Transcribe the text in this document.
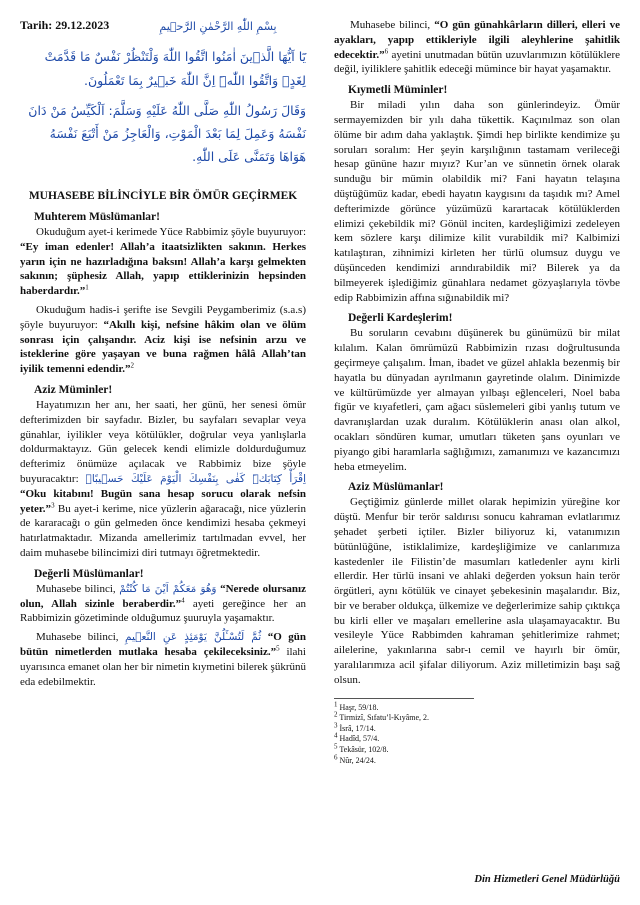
Tarih: 29.12.2023	بِسْمِ اللّٰهِ الرَّحْمٰنِ الرَّح۪يمِ
يَٓا اَيُّهَا الَّذ۪ينَ اٰمَنُوا اتَّقُوا اللّٰهَ وَلْتَنْظُرْ نَفْسٌ مَا قَدَّمَتْ لِغَدٍۚ وَاتَّقُوا اللّٰهَۜ اِنَّ اللّٰهَ خَب۪يرٌ بِمَا تَعْمَلُونَ.
وَقَالَ رَسُولُ اللّٰهِ صَلَّى اللّٰهُ عَلَيْهِ وَسَلَّمَ: اَلْكَيِّسُ مَنْ دَانَ نَفْسَهُ وَعَمِلَ لِمَا بَعْدَ الْمَوْتِ، وَالْعَاجِزُ مَنْ أَتْبَعَ نَفْسَهُ هَوَاهَا وَتَمَنَّى عَلَى اللّٰهِ.
MUHASEBE BİLİNCİYLE BİR ÖMÜR GEÇİRMEK
Muhterem Müslümanlar!

Okuduğum ayet-i kerimede Yüce Rabbimiz şöyle buyuruyor: “Ey iman edenler! Allah’a itaatsizlikten sakının. Herkes yarın için ne hazırladığına baksın! Allah’a karşı gelmekten sakının; şüphesiz Allah, yapıp ettiklerinizin hepsinden haberdardır.”$^1$

Okuduğum hadis-i şerifte ise Sevgili Peygamberimiz (s.a.s) şöyle buyuruyor: “Akıllı kişi, nefsine hâkim olan ve ölüm sonrası için çalışandır. Aciz kişi ise nefsinin arzu ve isteklerine göre yaşayan ve buna rağmen hâlâ Allah’tan iyilik temenni edendir.”$^2$

Aziz Müminler!

Hayatımızın her anı, her saati, her günü, her senesi ömür defterimizden bir sayfadır. Bizler, bu sayfaları sevaplar veya günahlar, iyilikler veya kötülükler, doğrular veya yanlışlarla doldurmaktayız. Gün gelecek kendi elimizle doldurduğumuz defterimiz önümüze açılacak ve Rabbimiz bize şöyle buyuracaktır: اِقْرَأْ كِتَابَكَۜ كَفٰى بِنَفْسِكَ الْيَوْمَ عَلَيْكَ حَس۪يبًاۜ “Oku kitabını! Bugün sana hesap sorucu olarak nefsin yeter.”$^3$ Bu ayet-i kerime, nice yüzlerin ağaracağı, nice yüzlerin de kararacağı o gün gelmeden önce kendimizi hesaba çekmeyi hatırlatmaktadır. Mizanda amellerimiz tartılmadan evvel, her daim muhasebe bilincimizi diri tutmayı öğretmektedir.

Değerli Müslümanlar!

Muhasebe bilinci, وَهُوَ مَعَكُمْ اَيْنَ مَا كُنْتُمْ “Nerede olursanız olun, Allah sizinle beraberdir.”$^4$ ayeti gereğince her an Rabbimizin gözetiminde olduğumuz şuuruyla yaşamaktır.

Muhasebe bilinci, ثُمَّ لَتُسْـَٔلُنَّ يَوْمَئِذٍ عَنِ النَّع۪يمِ “O gün bütün nimetlerden mutlaka hesaba çekileceksiniz.”$^5$ ilahi uyarısınca emanet olan her bir nimetin kıymetini bilerek şükrünü eda edebilmektir.

Muhasebe bilinci, “O gün günahkârların dilleri, elleri ve ayakları, yapıp ettikleriyle ilgili aleyhlerine şahitlik edecektir.”$^6$ ayetini unutmadan bütün uzuvlarımızın kötülüklere değil, iyiliklere şahitlik edeceği mümince bir hayat yaşamaktır.

Kıymetli Müminler!

Bir miladi yılın daha son günlerindeyiz. Ömür sermayemizden bir yılı daha tükettik. Kaçınılmaz son olan ölüme bir adım daha yaklaştık. Şimdi hep birlikte kendimize şu soruları soralım: Her şeyin karşılığının tastamam verileceği hesap gününe hazır mıyız? Kur’an ve sünnetin örnek olarak sunduğu bir mümin olabildik mi? Fani hayatın telaşına düştüğümüz kadar, ebedi hayatın kaygısını da taşıdık mı? Amel defterimizde görünce yüzümüzü karartacak kötülüklerden elimizi çekebildik mi? Gönül inciten, kardeşliğimizi zedeleyen kem sözlere karşı dilimize kilit vurabildik mi? Kalbimizi katılaştıran, zihnimizi kirleten her türlü olumsuz duygu ve düşünceden kendimizi arındırabildik mi? Bilerek ya da bilmeyerek işlediğimiz günahlara nedamet gözyaşlarıyla tövbe edip Rabbimizin affına sığınabildik mi?

Değerli Kardeşlerim!

Bu soruların cevabını düşünerek bu günümüzü bir milat kılalım. Kalan ömrümüzü Rabbimizin rızası doğrultusunda geçirmeye çalışalım. İman, ibadet ve güzel ahlakla bezenmiş bir hayatla bu dünyadan ayrılmanın gayretinde olalım. Dinimizde ve kültürümüzde yer almayan yılbaşı eğlenceleri, Noel baba figür ve kıyafetleri, çam ağacı süslemeleri gibi yanlış tutum ve davranışlardan uzak duralım. Kötülüklerin anası olan alkol, ocakları söndüren kumar, umutları tüketen şans oyunları ve piyango gibi haramlarla sağlığımızı, zamanımızı ve kazancımızı heba etmeyelim.

Aziz Müslümanlar!

Geçtiğimiz günlerde millet olarak hepimizin yüreğine kor düştü. Menfur bir terör saldırısı sonucu kahraman evlatlarımız şehadet şerbeti içtiler. Bizler biliyoruz ki, vatanımızın bütünlüğüne, istiklalimize, kardeşliğimize ve canlarımıza kastedenler ile Filistin’de masumları katledenler aynı kirli ellerdir. Her türlü insani ve ahlaki değerden yoksun hain terör örgütleri, aynı kötülük ve cinayet şebekesinin maşalarıdır. Biz, bir ve beraber oldukça, ülkemize ve değerlerimize sahip çıktıkça bu kirli eller ve maşaları emellerine asla ulaşamayacaktır. Bu vesileyle Yüce Rabbimden kahraman şehitlerimize rahmet; ailelerine, yakınlarına sabr-ı cemil ve hayırlı bir ömür, yaralılarımıza acil şifalar diliyorum. Aziz milletimizin başı sağ olsun.

$^1$ Haşr, 59/18.
$^2$ Tirmizî, Sıfatu’l-Kıyâme, 2.
$^3$ İsrâ, 17/14.
$^4$ Hadîd, 57/4.
$^5$ Tekâsür, 102/8.
$^6$ Nûr, 24/24.
Din Hizmetleri Genel Müdürlüğü
